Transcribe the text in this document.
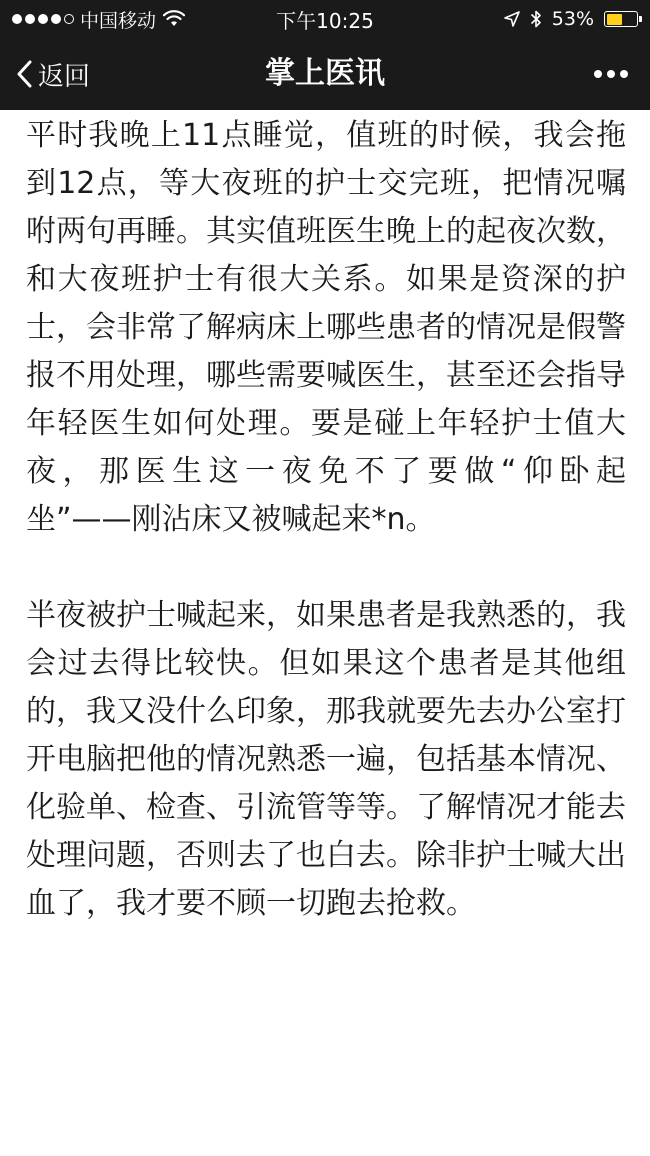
中国移动	下午10:25	53%
返回	掌上医讯

平时我晚上11点睡觉，值班的时候，我会拖到12点，等大夜班的护士交完班，把情况嘱咐两句再睡。其实值班医生晚上的起夜次数，和大夜班护士有很大关系。如果是资深的护士，会非常了解病床上哪些患者的情况是假警报不用处理，哪些需要喊医生，甚至还会指导年轻医生如何处理。要是碰上年轻护士值大夜，那医生这一夜免不了要做“仰卧起坐”——刚沾床又被喊起来*n。

半夜被护士喊起来，如果患者是我熟悉的，我会过去得比较快。但如果这个患者是其他组的，我又没什么印象，那我就要先去办公室打开电脑把他的情况熟悉一遍，包括基本情况、化验单、检查、引流管等等。了解情况才能去处理问题，否则去了也白去。除非护士喊大出血了，我才要不顾一切跑去抢救。
